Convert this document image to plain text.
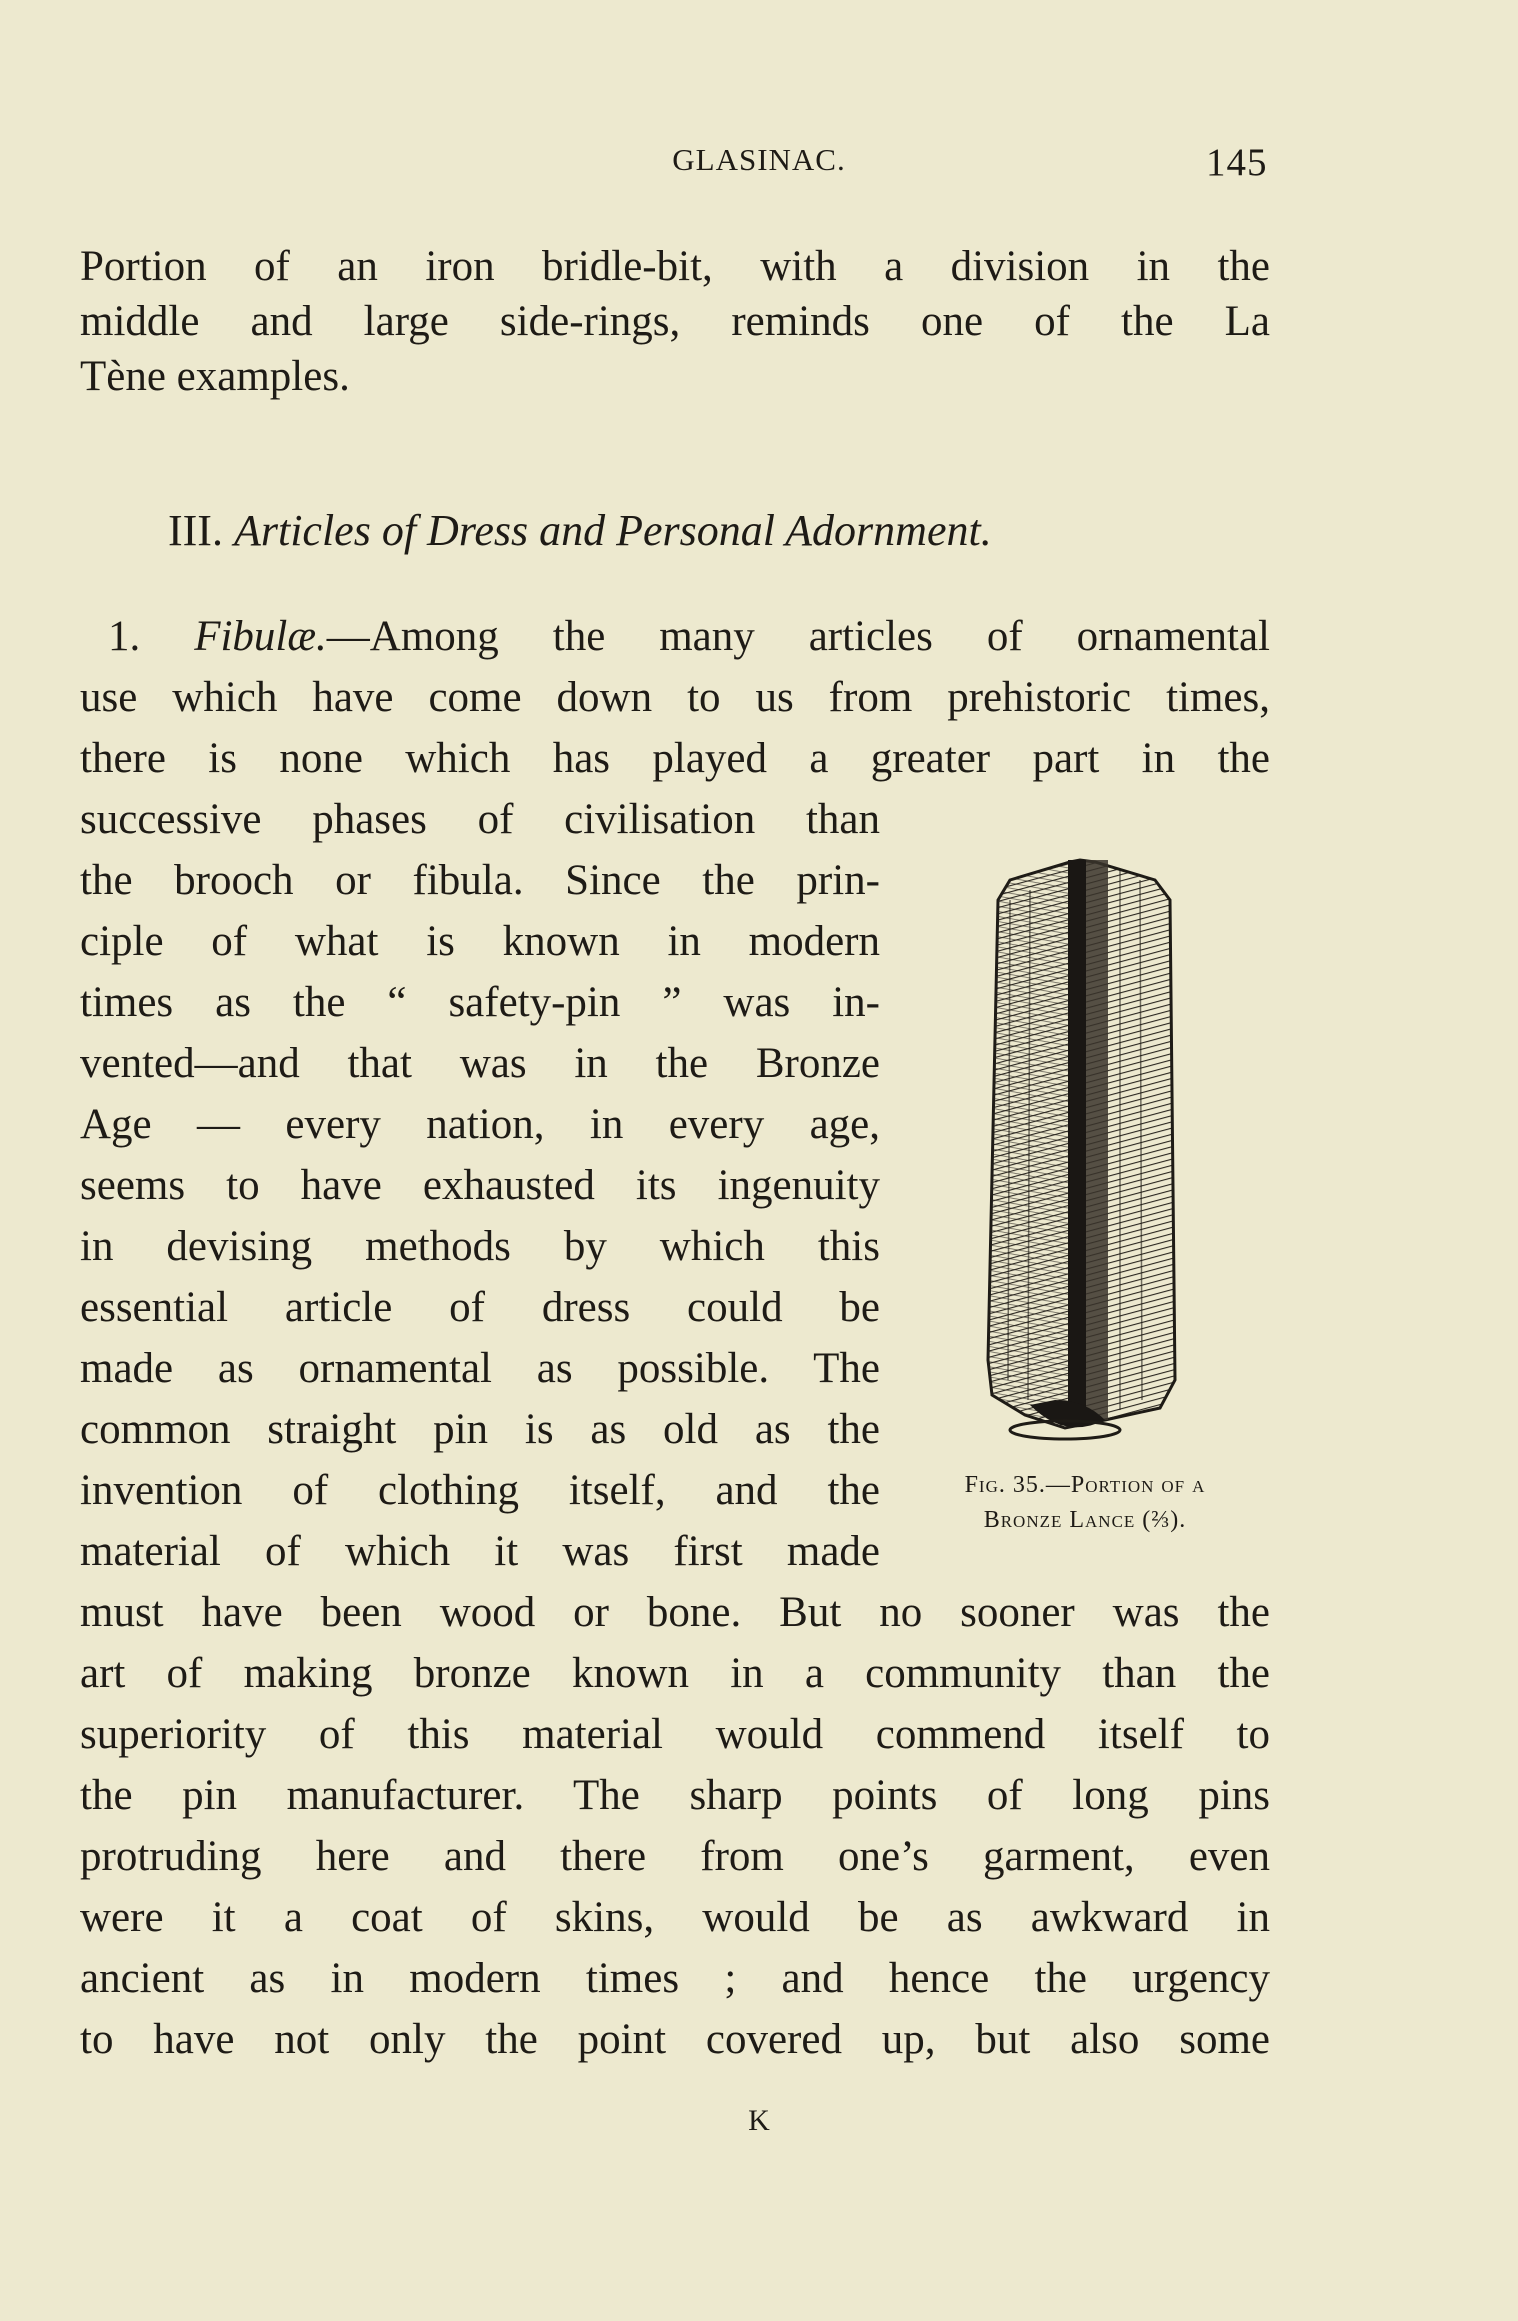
GLASINAC.	145
Portion of an iron bridle-bit, with a division in the
middle and large side-rings, reminds one of the La
Tène examples.
III. Articles of Dress and Personal Adornment.
1. Fibulæ.—Among the many articles of ornamental
use which have come down to us from prehistoric times,
there is none which has played a greater part in the
successive phases of civilisation than
the brooch or fibula. Since the prin-
ciple of what is known in modern
times as the “ safety-pin ” was in-
vented—and that was in the Bronze
Age — every nation, in every age,
seems to have exhausted its ingenuity
in devising methods by which this
essential article of dress could be
made as ornamental as possible. The
common straight pin is as old as the
invention of clothing itself, and the
material of which it was first made
must have been wood or bone. But no sooner was the
art of making bronze known in a community than the
superiority of this material would commend itself to
the pin manufacturer. The sharp points of long pins
protruding here and there from one’s garment, even
were it a coat of skins, would be as awkward in
ancient as in modern times ; and hence the urgency
to have not only the point covered up, but also some
Fig. 35.—Portion of a
Bronze Lance (⅔).
K
